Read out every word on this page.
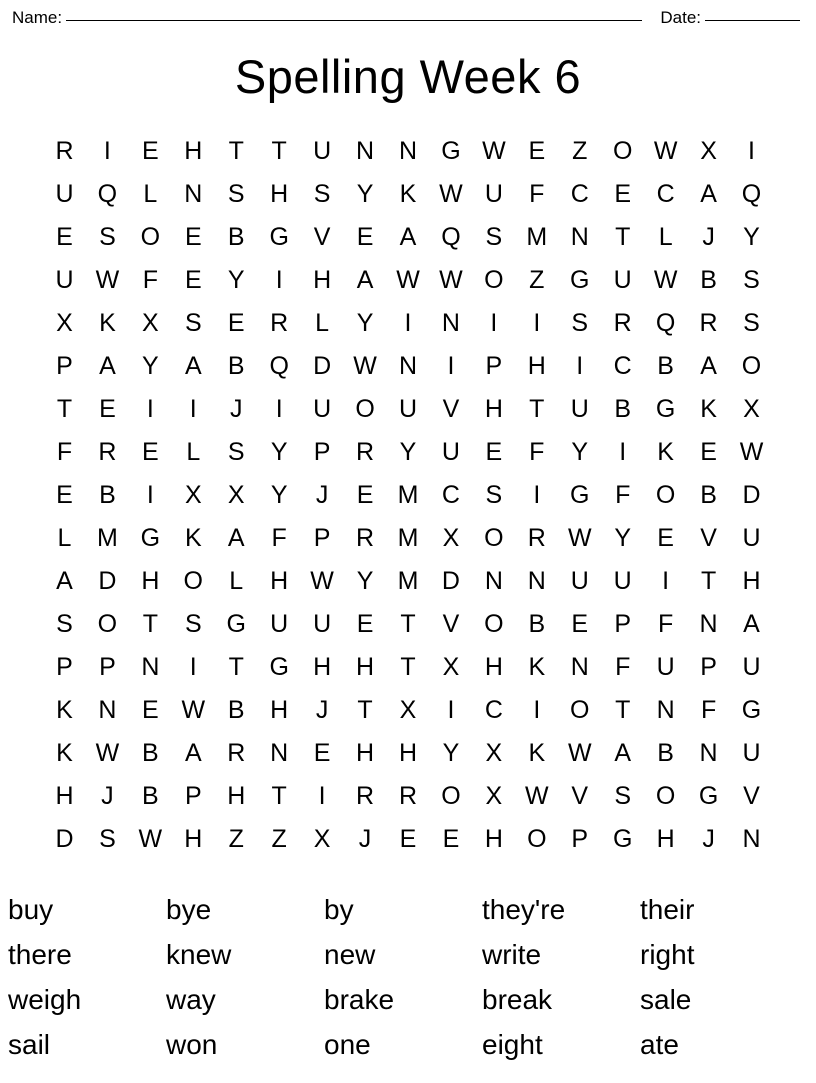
Name:	Date:
Spelling Week 6
R I E H T T U N N G W E Z O W X I
U Q L N S H S Y K W U F C E C A Q
E S O E B G V E A Q S M N T L J Y
U W F E Y I H A W W O Z G U W B S
X K X S E R L Y I N I I S R Q R S
P A Y A B Q D W N I P H I C B A O
T E I I J I U O U V H T U B G K X
F R E L S Y P R Y U E F Y I K E W
E B I X X Y J E M C S I G F O B D
L M G K A F P R M X O R W Y E V U
A D H O L H W Y M D N N U U I T H
S O T S G U U E T V O B E P F N A
P P N I T G H H T X H K N F U P U
K N E W B H J T X I C I O T N F G
K W B A R N E H H Y X K W A B N U
H J B P H T I R R O X W V S O G V
D S W H Z Z X J E E H O P G H J N
buy	bye	by	they're	their
there	knew	new	write	right
weigh	way	brake	break	sale
sail	won	one	eight	ate
